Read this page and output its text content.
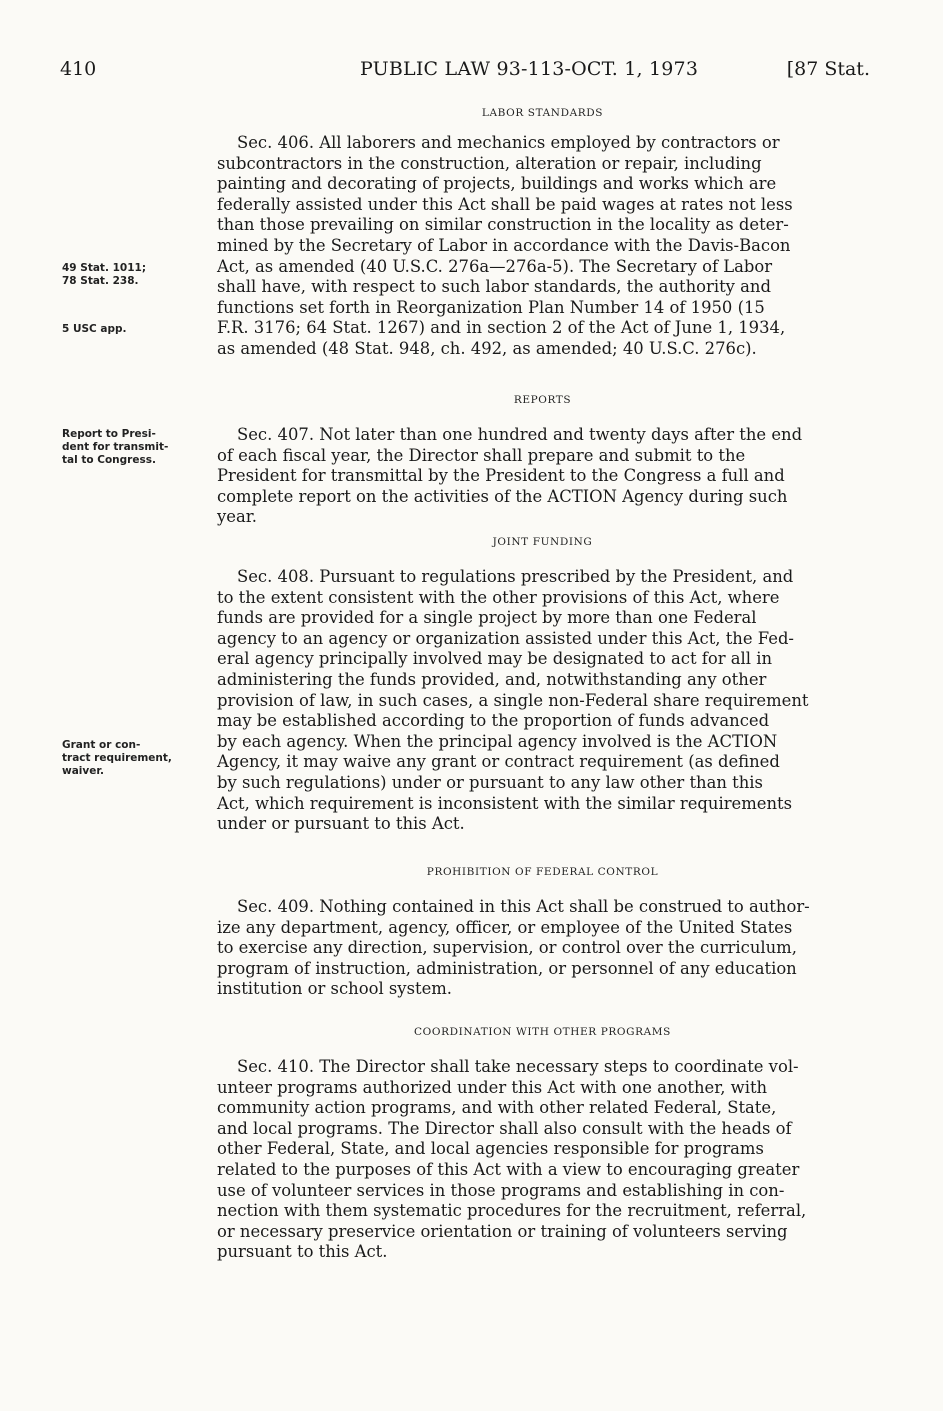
410	PUBLIC LAW 93-113-OCT. 1, 1973	[87 Stat.
49 Stat. 1011;
78 Stat. 238.
5 USC app.
Report to Presi-
dent for transmit-
tal to Congress.
Grant or con-
tract requirement,
waiver.
LABOR STANDARDS
Sec. 406. All laborers and mechanics employed by contractors or
subcontractors in the construction, alteration or repair, including
painting and decorating of projects, buildings and works which are
federally assisted under this Act shall be paid wages at rates not less
than those prevailing on similar construction in the locality as deter-
mined by the Secretary of Labor in accordance with the Davis-Bacon
Act, as amended (40 U.S.C. 276a—276a-5). The Secretary of Labor
shall have, with respect to such labor standards, the authority and
functions set forth in Reorganization Plan Number 14 of 1950 (15
F.R. 3176; 64 Stat. 1267) and in section 2 of the Act of June 1, 1934,
as amended (48 Stat. 948, ch. 492, as amended; 40 U.S.C. 276c).
REPORTS
Sec. 407. Not later than one hundred and twenty days after the end
of each fiscal year, the Director shall prepare and submit to the
President for transmittal by the President to the Congress a full and
complete report on the activities of the ACTION Agency during such
year.
JOINT FUNDING
Sec. 408. Pursuant to regulations prescribed by the President, and
to the extent consistent with the other provisions of this Act, where
funds are provided for a single project by more than one Federal
agency to an agency or organization assisted under this Act, the Fed-
eral agency principally involved may be designated to act for all in
administering the funds provided, and, notwithstanding any other
provision of law, in such cases, a single non-Federal share requirement
may be established according to the proportion of funds advanced
by each agency. When the principal agency involved is the ACTION
Agency, it may waive any grant or contract requirement (as defined
by such regulations) under or pursuant to any law other than this
Act, which requirement is inconsistent with the similar requirements
under or pursuant to this Act.
PROHIBITION OF FEDERAL CONTROL
Sec. 409. Nothing contained in this Act shall be construed to author-
ize any department, agency, officer, or employee of the United States
to exercise any direction, supervision, or control over the curriculum,
program of instruction, administration, or personnel of any education
institution or school system.
COORDINATION WITH OTHER PROGRAMS
Sec. 410. The Director shall take necessary steps to coordinate vol-
unteer programs authorized under this Act with one another, with
community action programs, and with other related Federal, State,
and local programs. The Director shall also consult with the heads of
other Federal, State, and local agencies responsible for programs
related to the purposes of this Act with a view to encouraging greater
use of volunteer services in those programs and establishing in con-
nection with them systematic procedures for the recruitment, referral,
or necessary preservice orientation or training of volunteers serving
pursuant to this Act.
